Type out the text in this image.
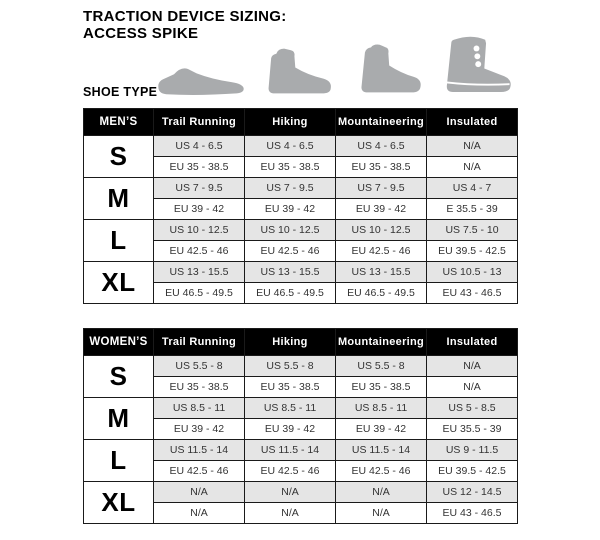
TRACTION DEVICE SIZING:
ACCESS SPIKE
SHOE TYPE
MEN’S	Trail Running	Hiking	Mountaineering	Insulated
S	US 4 - 6.5	US 4 - 6.5	US 4 - 6.5	N/A
	EU 35 - 38.5	EU 35 - 38.5	EU 35 - 38.5	N/A
M	US 7 - 9.5	US 7 - 9.5	US 7 - 9.5	US 4 - 7
	EU 39 - 42	EU 39 - 42	EU 39 - 42	E 35.5 - 39
L	US 10 - 12.5	US 10 - 12.5	US 10 - 12.5	US 7.5 - 10
	EU 42.5 - 46	EU 42.5 - 46	EU 42.5 - 46	EU 39.5 - 42.5
XL	US 13 - 15.5	US 13 - 15.5	US 13 - 15.5	US 10.5 - 13
	EU 46.5 - 49.5	EU 46.5 - 49.5	EU 46.5 - 49.5	EU 43 - 46.5
WOMEN’S	Trail Running	Hiking	Mountaineering	Insulated
S	US 5.5 - 8	US 5.5 - 8	US 5.5 - 8	N/A
	EU 35 - 38.5	EU 35 - 38.5	EU 35 - 38.5	N/A
M	US 8.5 - 11	US 8.5 - 11	US 8.5 - 11	US 5 - 8.5
	EU 39 - 42	EU 39 - 42	EU 39 - 42	EU 35.5 - 39
L	US 11.5 - 14	US 11.5 - 14	US 11.5 - 14	US 9 - 11.5
	EU 42.5 - 46	EU 42.5 - 46	EU 42.5 - 46	EU 39.5 - 42.5
XL	N/A	N/A	N/A	US 12 - 14.5
	N/A	N/A	N/A	EU 43 - 46.5
